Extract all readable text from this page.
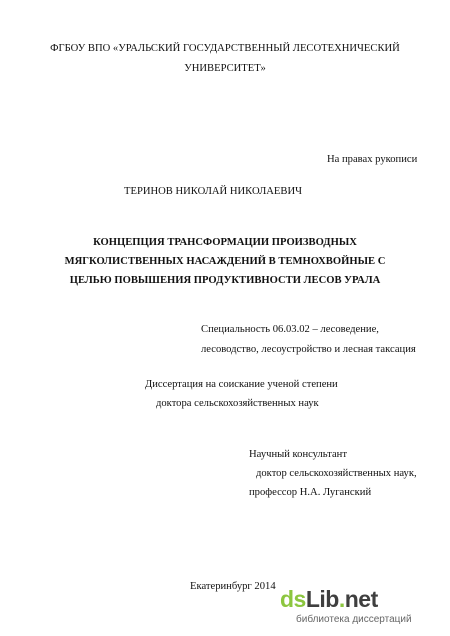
ФГБОУ ВПО «УРАЛЬСКИЙ ГОСУДАРСТВЕННЫЙ ЛЕСОТЕХНИЧЕСКИЙ
УНИВЕРСИТЕТ»
На правах рукописи
ТЕРИНОВ НИКОЛАЙ НИКОЛАЕВИЧ
КОНЦЕПЦИЯ ТРАНСФОРМАЦИИ ПРОИЗВОДНЫХ
МЯГКОЛИСТВЕННЫХ НАСАЖДЕНИЙ В ТЕМНОХВОЙНЫЕ С
ЦЕЛЬЮ ПОВЫШЕНИЯ ПРОДУКТИВНОСТИ ЛЕСОВ УРАЛА
Специальность 06.03.02 – лесоведение,
лесоводство, лесоустройство и лесная таксация
Диссертация на соискание ученой степени
доктора сельскохозяйственных наук
Научный консультант
доктор сельскохозяйственных наук,
профессор Н.А. Луганский
Екатеринбург 2014 dsLib.net
библиотека диссертаций
